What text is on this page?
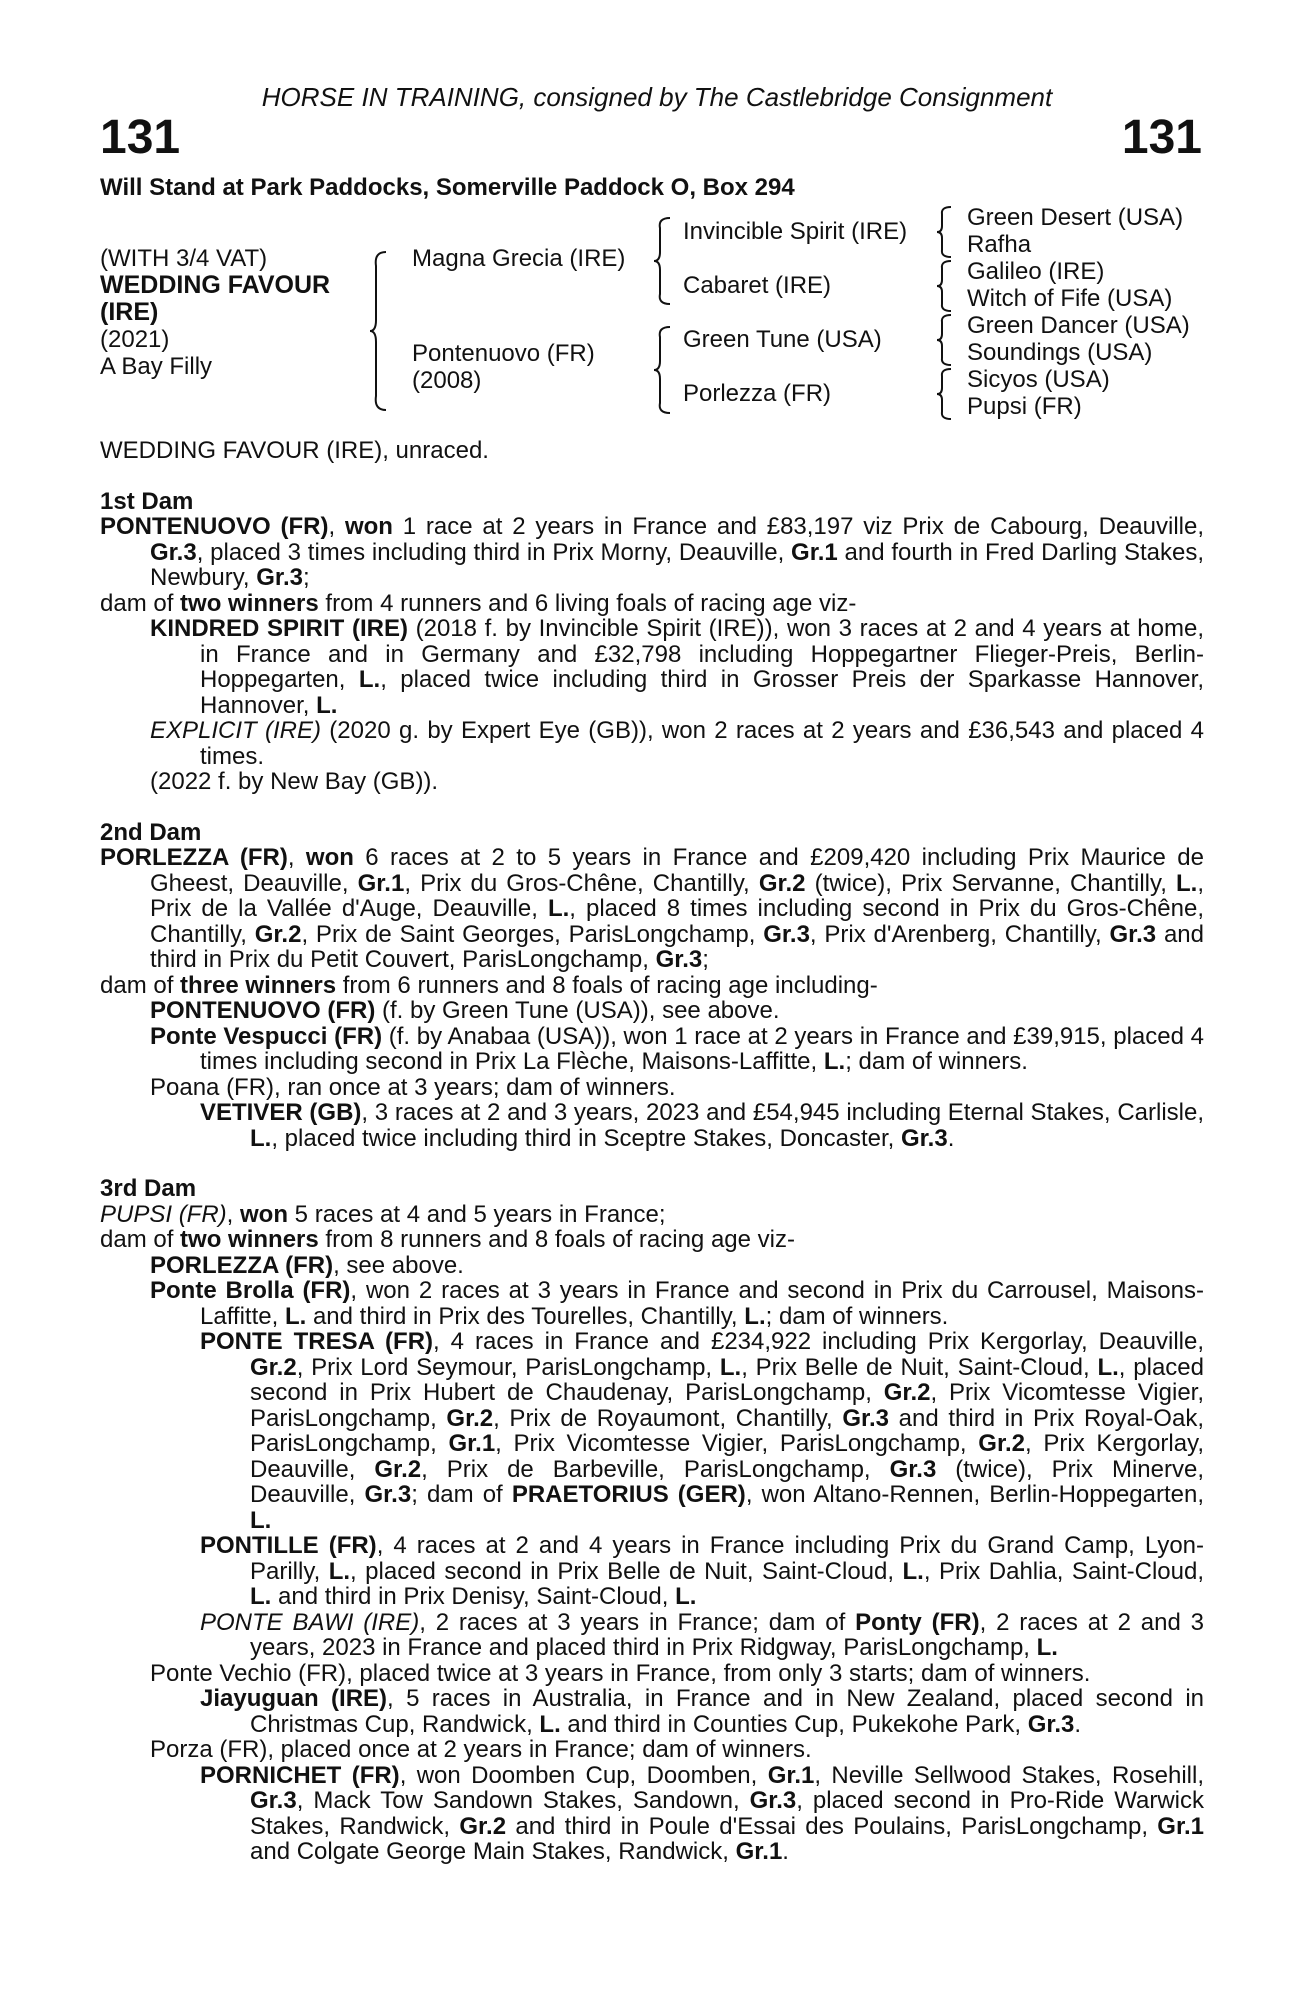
HORSE IN TRAINING, consigned by The Castlebridge Consignment
131	131
Will Stand at Park Paddocks, Somerville Paddock O, Box 294
(WITH 3/4 VAT)
WEDDING FAVOUR
(IRE)
(2021)
A Bay Filly
Magna Grecia (IRE)
Pontenuovo (FR)
(2008)
Invincible Spirit (IRE)
Cabaret (IRE)
Green Tune (USA)
Porlezza (FR)
Green Desert (USA)
Rafha
Galileo (IRE)
Witch of Fife (USA)
Green Dancer (USA)
Soundings (USA)
Sicyos (USA)
Pupsi (FR)

WEDDING FAVOUR (IRE), unraced.

1st Dam

PONTENUOVO (FR), won 1 race at 2 years in France and £83,197 viz Prix de Cabourg, Deauville, Gr.3, placed 3 times including third in Prix Morny, Deauville, Gr.1 and fourth in Fred Darling Stakes, Newbury, Gr.3;

dam of two winners from 4 runners and 6 living foals of racing age viz-

KINDRED SPIRIT (IRE) (2018 f. by Invincible Spirit (IRE)), won 3 races at 2 and 4 years at home, in France and in Germany and £32,798 including Hoppegartner Flieger-Preis, Berlin-Hoppegarten, L., placed twice including third in Grosser Preis der Sparkasse Hannover, Hannover, L.

EXPLICIT (IRE) (2020 g. by Expert Eye (GB)), won 2 races at 2 years and £36,543 and placed 4 times.

(2022 f. by New Bay (GB)).

2nd Dam

PORLEZZA (FR), won 6 races at 2 to 5 years in France and £209,420 including Prix Maurice de Gheest, Deauville, Gr.1, Prix du Gros-Chêne, Chantilly, Gr.2 (twice), Prix Servanne, Chantilly, L., Prix de la Vallée d'Auge, Deauville, L., placed 8 times including second in Prix du Gros-Chêne, Chantilly, Gr.2, Prix de Saint Georges, ParisLongchamp, Gr.3, Prix d'Arenberg, Chantilly, Gr.3 and third in Prix du Petit Couvert, ParisLongchamp, Gr.3;

dam of three winners from 6 runners and 8 foals of racing age including-

PONTENUOVO (FR) (f. by Green Tune (USA)), see above.

Ponte Vespucci (FR) (f. by Anabaa (USA)), won 1 race at 2 years in France and £39,915, placed 4 times including second in Prix La Flèche, Maisons-Laffitte, L.; dam of winners.

Poana (FR), ran once at 3 years; dam of winners.

VETIVER (GB), 3 races at 2 and 3 years, 2023 and £54,945 including Eternal Stakes, Carlisle, L., placed twice including third in Sceptre Stakes, Doncaster, Gr.3.

3rd Dam

PUPSI (FR), won 5 races at 4 and 5 years in France;

dam of two winners from 8 runners and 8 foals of racing age viz-

PORLEZZA (FR), see above.

Ponte Brolla (FR), won 2 races at 3 years in France and second in Prix du Carrousel, Maisons-Laffitte, L. and third in Prix des Tourelles, Chantilly, L.; dam of winners.

PONTE TRESA (FR), 4 races in France and £234,922 including Prix Kergorlay, Deauville, Gr.2, Prix Lord Seymour, ParisLongchamp, L., Prix Belle de Nuit, Saint-Cloud, L., placed second in Prix Hubert de Chaudenay, ParisLongchamp, Gr.2, Prix Vicomtesse Vigier, ParisLongchamp, Gr.2, Prix de Royaumont, Chantilly, Gr.3 and third in Prix Royal-Oak, ParisLongchamp, Gr.1, Prix Vicomtesse Vigier, ParisLongchamp, Gr.2, Prix Kergorlay, Deauville, Gr.2, Prix de Barbeville, ParisLongchamp, Gr.3 (twice), Prix Minerve, Deauville, Gr.3; dam of PRAETORIUS (GER), won Altano-Rennen, Berlin-Hoppegarten, L.

PONTILLE (FR), 4 races at 2 and 4 years in France including Prix du Grand Camp, Lyon-Parilly, L., placed second in Prix Belle de Nuit, Saint-Cloud, L., Prix Dahlia, Saint-Cloud, L. and third in Prix Denisy, Saint-Cloud, L.

PONTE BAWI (IRE), 2 races at 3 years in France; dam of Ponty (FR), 2 races at 2 and 3 years, 2023 in France and placed third in Prix Ridgway, ParisLongchamp, L.

Ponte Vechio (FR), placed twice at 3 years in France, from only 3 starts; dam of winners.

Jiayuguan (IRE), 5 races in Australia, in France and in New Zealand, placed second in Christmas Cup, Randwick, L. and third in Counties Cup, Pukekohe Park, Gr.3.

Porza (FR), placed once at 2 years in France; dam of winners.

PORNICHET (FR), won Doomben Cup, Doomben, Gr.1, Neville Sellwood Stakes, Rosehill, Gr.3, Mack Tow Sandown Stakes, Sandown, Gr.3, placed second in Pro-Ride Warwick Stakes, Randwick, Gr.2 and third in Poule d'Essai des Poulains, ParisLongchamp, Gr.1 and Colgate George Main Stakes, Randwick, Gr.1.
